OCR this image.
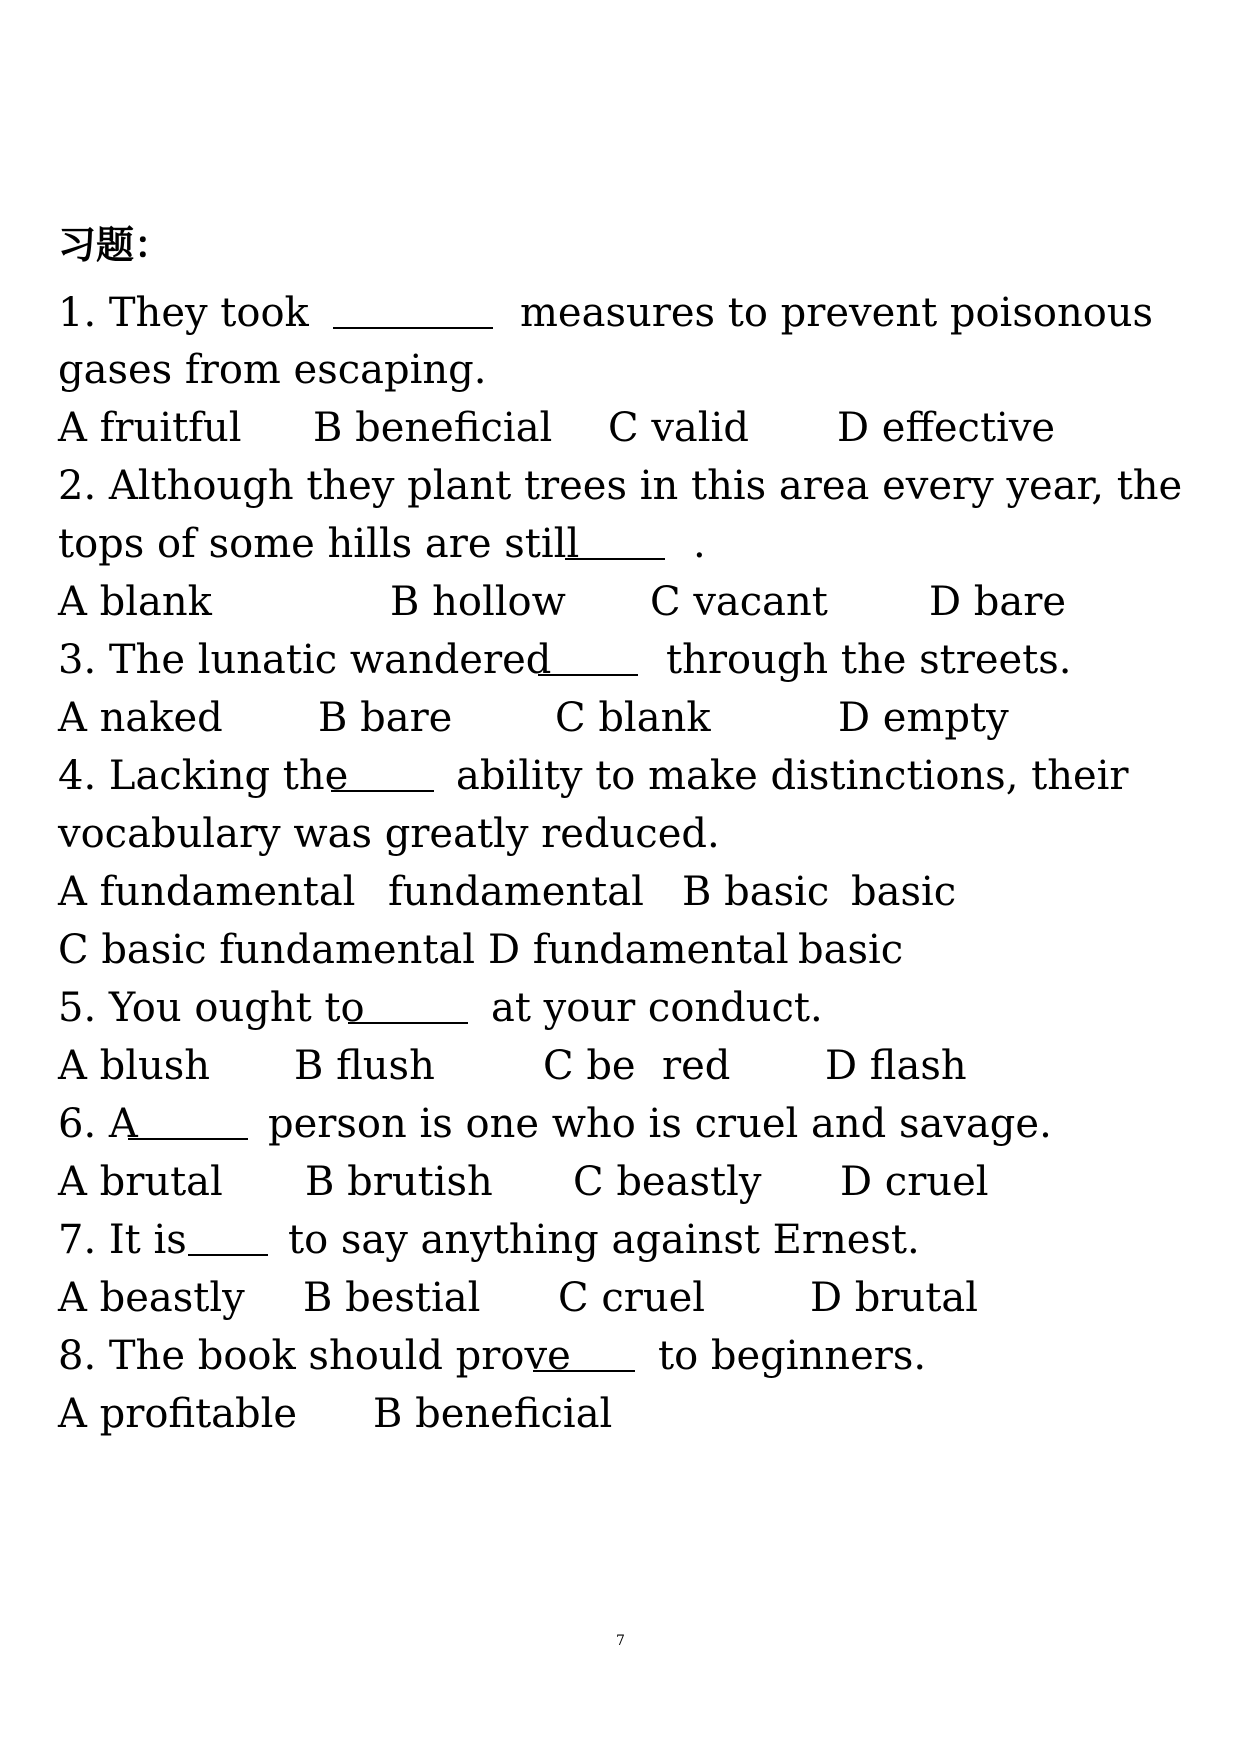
习题：
1. They took	measures to prevent poisonous
gases from escaping.
A fruitful B beneficial C valid D effective
2. Although they plant trees in this area every year, the
tops of some hills are still	.
A blank	B hollow C vacant	D bare
3. The lunatic wandered	through the streets.
A naked B bare	C blank	D empty
4. Lacking the	ability to make distinctions, their
vocabulary was greatly reduced.
A fundamental fundamental B basic basic
C basic fundamental D fundamental basic
5. You ought to	at your conduct.
A blush B flush	C be red D flash
6. A	person is one who is cruel and savage.
A brutal B brutish C beastly D cruel
7. It is	to say anything against Ernest.
A beastly B bestial C cruel	D brutal
8. The book should prove to beginners.
A profitable B beneficial
7
